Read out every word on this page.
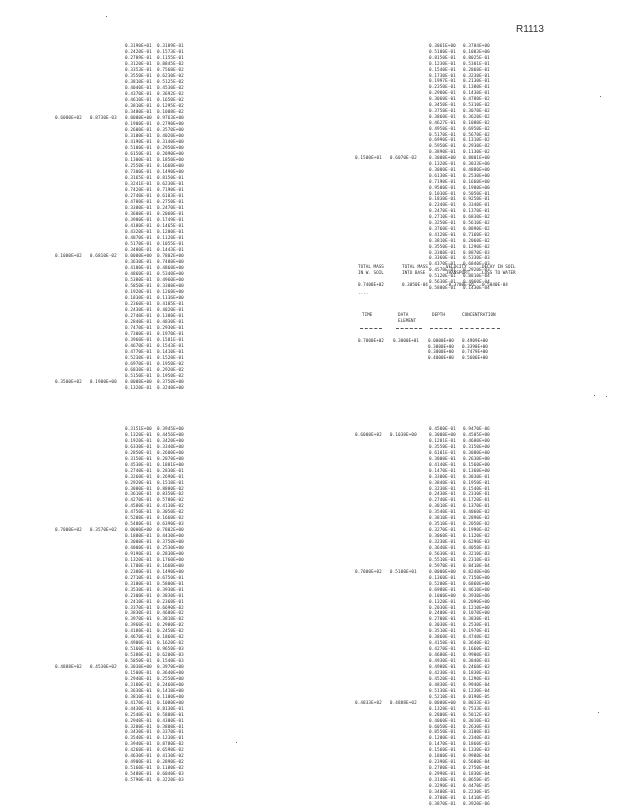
R1113
0.3190E+01 0.3189E-01
0.2420E-01 0.1573E-01
0.2789E-01 0.1155E-01
0.3120E-01 0.8845E-02
0.3353E-01 0.7560E-02
0.3550E-01 0.6230E-02
0.3810E-01 0.5125E-02
0.4040E-01 0.4530E-02
0.4370E-01 0.3692E-02
0.4610E-01 0.1650E-02
0.3810E-01 0.1295E-02
0.3480E-01 0.1008E-02
0.6000E+02   0.8730E-03 0.0000E+00 0.9763E+00
0.1900E-01 0.2790E+00
0.2600E-01 0.3570E+00
0.3100E-01 0.4020E+00
0.4190E-01 0.3140E+00
0.5100E-01 0.2950E+00
0.6150E-01 0.2090E+00
0.1300E-01 0.1850E+00
0.2550E-01 0.1660E+00
0.7300E-01 0.1490E+00
0.3165E-01 0.8150E-01
0.3241E-01 0.6230E-01
0.7420E-01 0.7190E-01
0.2740E-01 0.6103E-01
0.4780E-01 0.2750E-01
0.3300E-01 0.2470E-01
0.3600E-01 0.2060E-01
0.3980E-01 0.1749E-01
0.4180E-01 0.1465E-01
0.4320E-01 0.1280E-01
0.4870E-01 0.1120E-01
0.5170E-01 0.1055E-01
0.3480E-01 0.1443E-01
0.1000E+02   0.6810E-02 0.0000E+00 0.7802E+00
0.3630E-01 0.7480E+00
0.4180E-01 0.4860E+00
0.4860E-01 0.5340E+00
0.5380E-01 0.4960E+00
0.5850E-01 0.3300E+00
0.1920E-01 0.1260E+00
0.1830E-01 0.1136E+00
0.2360E-01 0.4185E-01
0.2430E-01 0.4820E-01
0.2740E-01 0.1380E-01
0.2840E-01 0.4830E-01
0.7470E-01 0.2930E-01
0.7300E-01 0.1970E-01
0.3960E-01 0.1581E-01
0.4670E-01 0.1543E-01
0.4770E-01 0.1410E-01
0.5230E-01 0.1520E-01
0.6970E-01 0.1950E-02
0.6830E-01 0.2920E-02
0.5150E-01 0.1950E-02
0.3500E+02   0.1900E+00 0.0000E+00 0.3750E+00
0.1320E-01 0.3240E+00
0.3061E+00 0.3704E+00
0.5100E-01 0.1083E+00
0.8150E-01 0.8025E-01
0.1230E-01 0.5301E-01
0.1540E-01 0.2860E-01
0.1730E-01 0.3230E-01
0.1997E-01 0.2130E-01
0.2350E-01 0.1380E-01
0.2980E-01 0.1430E-01
0.3060E-01 0.4780E-02
0.3450E-01 0.5310E-02
0.3750E-01 0.3070E-02
0.3860E-01 0.3620E-02
0.4627E-01 0.1080E-02
0.4950E-01 0.6950E-02
0.5170E-01 0.5670E-02
0.6990E-01 0.1310E-02
0.5950E-01 0.2930E-02
0.3890E-01 0.1130E-02
0.1500E+01   0.6070E-02	0.3000E+00 0.8801E+00
0.1320E-01 0.3033E+00
0.3080E-01 0.4880E+00
0.6130E-01 0.2530E+00
0.7190E-01 0.1660E+00
0.9500E-01 0.1900E+00
0.1030E-01 0.5050E-01
0.1830E-01 0.9250E-01
0.2340E-01 0.3340E-01
0.2470E-01 0.1370E-01
0.2710E-01 0.6830E-02
0.3250E-01 0.5610E-02
0.3760E-01 0.8890E-02
0.4120E-01 0.7160E-02
0.3810E-01 0.2060E-02
0.3550E-01 0.1290E-02
0.3380E-01 0.8870E-03
0.3360E-01 0.5330E-03
0.4370E-01 0.6840E-03
0.4570E-01 0.2920E-03
0.5120E-01 0.8810E-04
0.5630E-01 0.4960E-04
0.5880E-01 0.1430E-04
0.3151E+00 0.3945E+00
0.1320E-01 0.4456E+00
0.1920E-01 0.3420E+00
0.6330E-01 0.3340E+00
0.2850E-01 0.2600E+00
0.3150E-01 0.2070E+00
0.4530E-01 0.1801E+00
0.2740E-01 0.2830E-01
0.3260E-01 0.2690E-01
0.2920E-01 0.1510E-01
0.3080E-01 0.8880E-02
0.3610E-01 0.8350E-02
0.4270E-01 0.5780E-02
0.4580E-01 0.4130E-02
0.4750E-01 0.3050E-02
0.5200E-01 0.1660E-02
0.5480E-01 0.6390E-03
0.7000E+02   0.3570E+02 0.0000E+00 0.7802E+00
0.1800E-01 0.4430E+00
0.3000E-01 0.3750E+00
0.4000E-01 0.2530E+00
0.9190E-01 0.2830E+00
0.1320E-01 0.1760E+00
0.1700E-01 0.1660E+00
0.2380E-01 0.1490E+00
0.2710E-01 0.6750E-01
0.3100E-01 0.5800E-01
0.3530E-01 0.3930E-01
0.2300E-01 0.3830E-01
0.2410E-01 0.2360E-01
0.3370E-01 0.6690E-02
0.3830E-01 0.4680E-02
0.3970E-01 0.3810E-02
0.3960E-01 0.2980E-02
0.4180E-01 0.2450E-02
0.4670E-01 0.1860E-02
0.4900E-01 0.1620E-02
0.5160E-01 0.9650E-03
0.5380E-01 0.6200E-03
0.5850E-01 0.1540E-03
0.4888E+02   0.4530E+02 0.3030E+00 0.3970E+00
0.1500E-01 0.3640E+00
0.2940E-01 0.2550E+00
0.3180E-01 0.2460E+00
0.3630E-01 0.1410E+00
0.3810E-01 0.1180E+00
0.4170E-01 0.1080E+00
0.4430E-01 0.8130E-01
0.2540E-01 0.5880E-01
0.2940E-01 0.4380E-01
0.3200E-01 0.3800E-01
0.3430E-01 0.3370E-01
0.3540E-01 0.1230E-01
0.3940E-01 0.8780E-02
0.4260E-01 0.6590E-02
0.4630E-01 0.4130E-02
0.4900E-01 0.2890E-02
0.5160E-01 0.1180E-02
0.5480E-01 0.6040E-03
0.5790E-01 0.3220E-03
0.4580E-01 0.9470E-06
0.6000E+02   0.1030E+00	0.3000E+00 0.4505E+00
0.1201E-01 0.4680E+00
0.3550E-01 0.3150E+00
0.6101E-01 0.3080E+00
0.3000E-01 0.2630E+00
0.4140E-01 0.1560E+00
0.1470E-01 0.1360E+00
0.3300E-01 0.3030E-01
0.3840E-01 0.1950E-01
0.3230E-01 0.1540E-01
0.2430E-01 0.2330E-01
0.2740E-01 0.1720E-01
0.3010E-01 0.1370E-01
0.3540E-01 0.4060E-02
0.3810E-01 0.2890E-02
0.3510E-01 0.2050E-02
0.3270E-01 0.1990E-02
0.3060E-01 0.1120E-02
0.3230E-01 0.6290E-03
0.3640E-01 0.4050E-03
0.5630E-01 0.3210E-03
0.5510E-01 0.2310E-03
0.5970E-01 0.8410E-04
0.7000E+02   0.5100E+01	0.0000E+00 0.8240E+00
0.1360E-01 0.7150E+00
0.5200E-01 0.6860E+00
0.6980E-01 0.4610E+00
0.1000E+00 0.3930E+00
0.1320E-01 0.2090E+00
0.2030E-01 0.1210E+00
0.2400E-01 0.1070E+00
0.2700E-01 0.3830E-01
0.3030E-01 0.2530E-01
0.3510E-01 0.1970E-01
0.3860E-01 0.4740E-02
0.4150E-01 0.3640E-02
0.4270E-01 0.1660E-02
0.4680E-01 0.9900E-03
0.4930E-01 0.3840E-03
0.4980E-01 0.2460E-03
0.4230E-01 0.1830E-03
0.4520E-01 0.1290E-03
0.4830E-01 0.9940E-04
0.5130E-01 0.1230E-04
0.5210E-01 0.8190E-05
0.4833E+02   0.4888E+02	0.0000E+00 0.8033E-03
0.1320E-01 0.7533E-03
0.2800E-01 0.5012E-03
0.4060E-01 0.3010E-03
0.6050E-01 0.2630E-03
0.8550E-01 0.3100E-03
0.1200E-01 0.2340E-03
0.1470E-01 0.1860E-03
0.1560E-01 0.1330E-03
0.1800E-01 0.9980E-04
0.2390E-01 0.5680E-04
0.2780E-01 0.2750E-04
0.2990E-01 0.1830E-04
0.3140E-01 0.8650E-05
0.3290E-01 0.4470E-05
0.3400E-01 0.2230E-05
0.3700E-01 0.1410E-05
0.3870E-01 0.3920E-06
TOTAL MASS	TOTAL MASS	VELOCITY	DECAY IN SOIL
IN W. SOIL	INTO BASE	TRANSPORT	LOSS TO WATER
0.7408E+02	0.3050E-04	-0.3700E-05 0.5040E-04
....
TIME	DATA	DEPTH	CONCENTRATION
ELEMENT
0.7000E+02 0.3000E+01 0.0000E+00 0.4909E+00
0.3000E+00 0.3390E+00
0.3000E+00 0.7479E+00
0.4000E+00 0.5606E+00
